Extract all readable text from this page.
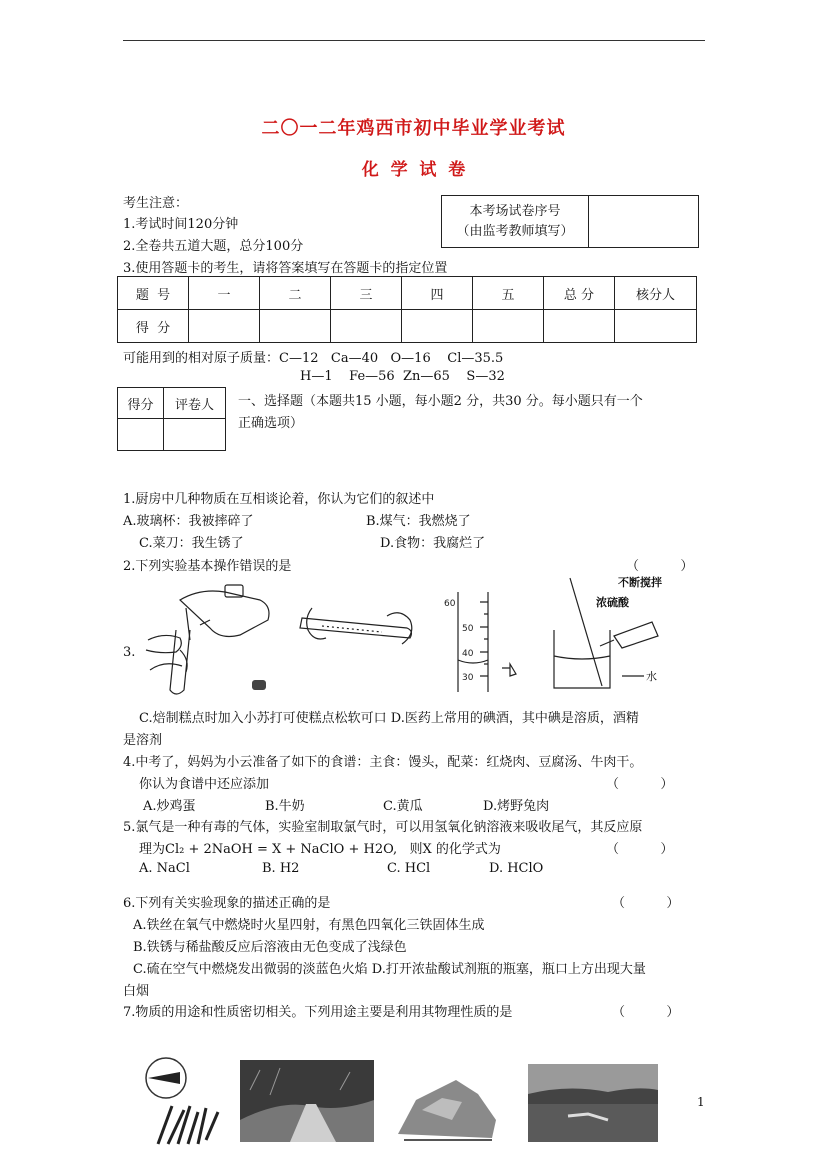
二〇一二年鸡西市初中毕业学业考试
化  学  试  卷
考生注意：
1.考试时间120分钟
2.全卷共五道大题，总分100分
3.使用答题卡的考生，请将答案填写在答题卡的指定位置
本考场试卷序号
（由监考教师填写）

题  号	一	二	三	四	五	总 分	核分人
得  分							
可能用到的相对原子质量：C—12   Ca—40   O—16    Cl—35.5
H—1    Fe—56  Zn—65    S—32
得分	评卷人
	一、选择题（本题共15 小题，每小题2 分，共30 分。每小题只有一个
正确选项）
1.厨房中几种物质在互相谈论着，你认为它们的叙述中
A.玻璃杯：我被摔碎了	B.煤气：我燃烧了
C.菜刀：我生锈了	D.食物：我腐烂了
2.下列实验基本操作错误的是	（          ）
3.
60
50
40
30
不断搅拌
浓硫酸
水
C.焙制糕点时加入小苏打可使糕点松软可口 D.医药上常用的碘酒，其中碘是溶质，酒精
是溶剂
4.中考了，妈妈为小云准备了如下的食谱：主食：馒头，配菜：红烧肉、豆腐汤、牛肉干。
你认为食谱中还应添加	（          ）
A.炒鸡蛋	B.牛奶	C.黄瓜	D.烤野兔肉
5.氯气是一种有毒的气体，实验室制取氯气时，可以用氢氧化钠溶液来吸收尾气，其反应原
理为Cl₂ + 2NaOH = X + NaClO + H2O,   则X 的化学式为	（          ）
A. NaCl	B. H2	C. HCl	D. HClO
6.下列有关实验现象的描述正确的是	（          ）
A.铁丝在氧气中燃烧时火星四射，有黑色四氧化三铁固体生成
B.铁锈与稀盐酸反应后溶液由无色变成了浅绿色
C.硫在空气中燃烧发出微弱的淡蓝色火焰 D.打开浓盐酸试剂瓶的瓶塞，瓶口上方出现大量
白烟
7.物质的用途和性质密切相关。下列用途主要是利用其物理性质的是	（          ）
1
